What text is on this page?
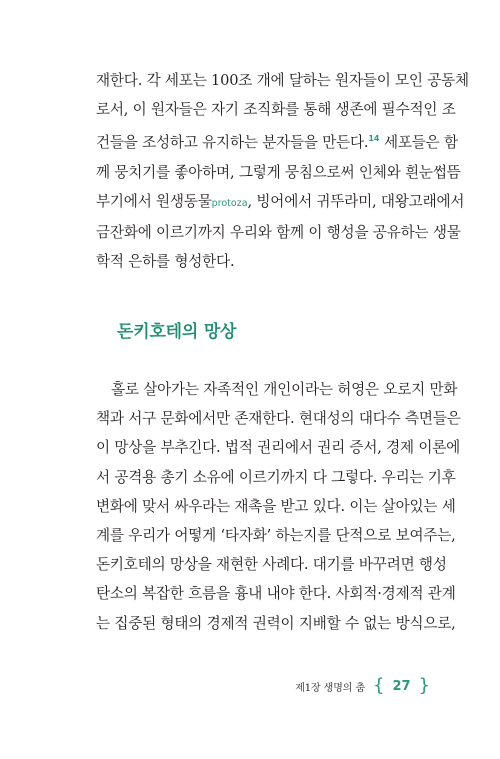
재한다. 각 세포는 100조 개에 달하는 원자들이 모인 공동체
로서, 이 원자들은 자기 조직화를 통해 생존에 필수적인 조
건들을 조성하고 유지하는 분자들을 만든다.$^{14}$ 세포들은 함
께 뭉치기를 좋아하며, 그렇게 뭉침으로써 인체와 흰눈썹뜸
부기에서 원생동물protoza, 빙어에서 귀뚜라미, 대왕고래에서
금잔화에 이르기까지 우리와 함께 이 행성을 공유하는 생물
학적 은하를 형성한다.
돈키호테의 망상
홀로 살아가는 자족적인 개인이라는 허영은 오로지 만화
책과 서구 문화에서만 존재한다. 현대성의 대다수 측면들은
이 망상을 부추긴다. 법적 권리에서 권리 증서, 경제 이론에
서 공격용 총기 소유에 이르기까지 다 그렇다. 우리는 기후
변화에 맞서 싸우라는 재촉을 받고 있다. 이는 살아있는 세
계를 우리가 어떻게 ‘타자화’ 하는지를 단적으로 보여주는,
돈키호테의 망상을 재현한 사례다. 대기를 바꾸려면 행성
탄소의 복잡한 흐름을 흉내 내야 한다. 사회적·경제적 관계
는 집중된 형태의 경제적 권력이 지배할 수 없는 방식으로,
제1장 생명의 춤 { 27 }
